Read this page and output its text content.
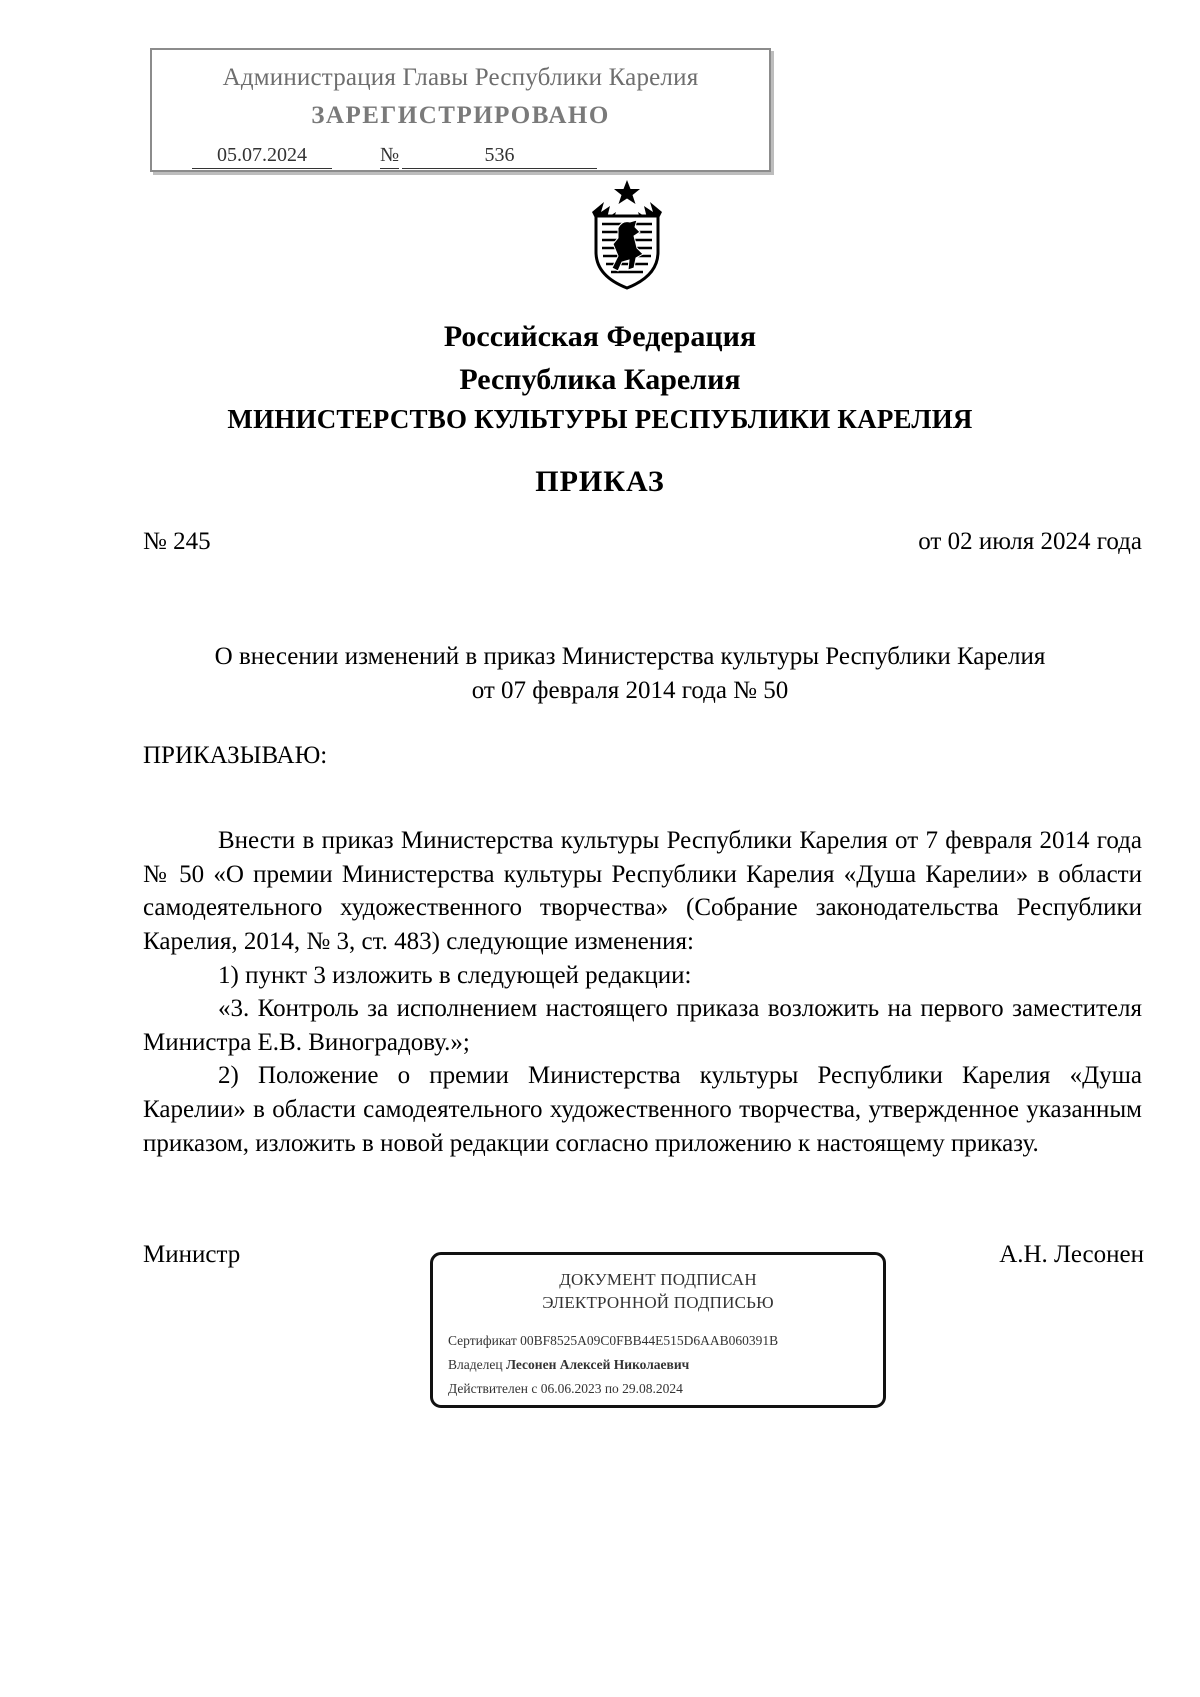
Администрация Главы Республики Карелия
ЗАРЕГИСТРИРОВАНО
05.07.2024	№	536
Российская Федерация
Республика Карелия
МИНИСТЕРСТВО КУЛЬТУРЫ РЕСПУБЛИКИ КАРЕЛИЯ
ПРИКАЗ
№ 245	от 02 июля 2024 года
О внесении изменений в приказ Министерства культуры Республики Карелия
от 07 февраля 2014 года № 50
ПРИКАЗЫВАЮ:

Внести в приказ Министерства культуры Республики Карелия от 7 февраля 2014 года № 50 «О премии Министерства культуры Республики Карелия «Душа Карелии» в области самодеятельного художественного творчества» (Собрание законодательства Республики Карелия, 2014, № 3, ст. 483) следующие изменения:

1) пункт 3 изложить в следующей редакции:

«3. Контроль за исполнением настоящего приказа возложить на первого заместителя Министра Е.В. Виноградову.»;

2) Положение о премии Министерства культуры Республики Карелия «Душа Карелии» в области самодеятельного художественного творчества, утвержденное указанным приказом, изложить в новой редакции согласно приложению к настоящему приказу.

Министр	А.Н. Лесонен
ДОКУМЕНТ ПОДПИСАН
ЭЛЕКТРОННОЙ ПОДПИСЬЮ
Сертификат 00BF8525A09C0FBB44E515D6AAB060391B
Владелец Лесонен Алексей Николаевич
Действителен с 06.06.2023 по 29.08.2024
